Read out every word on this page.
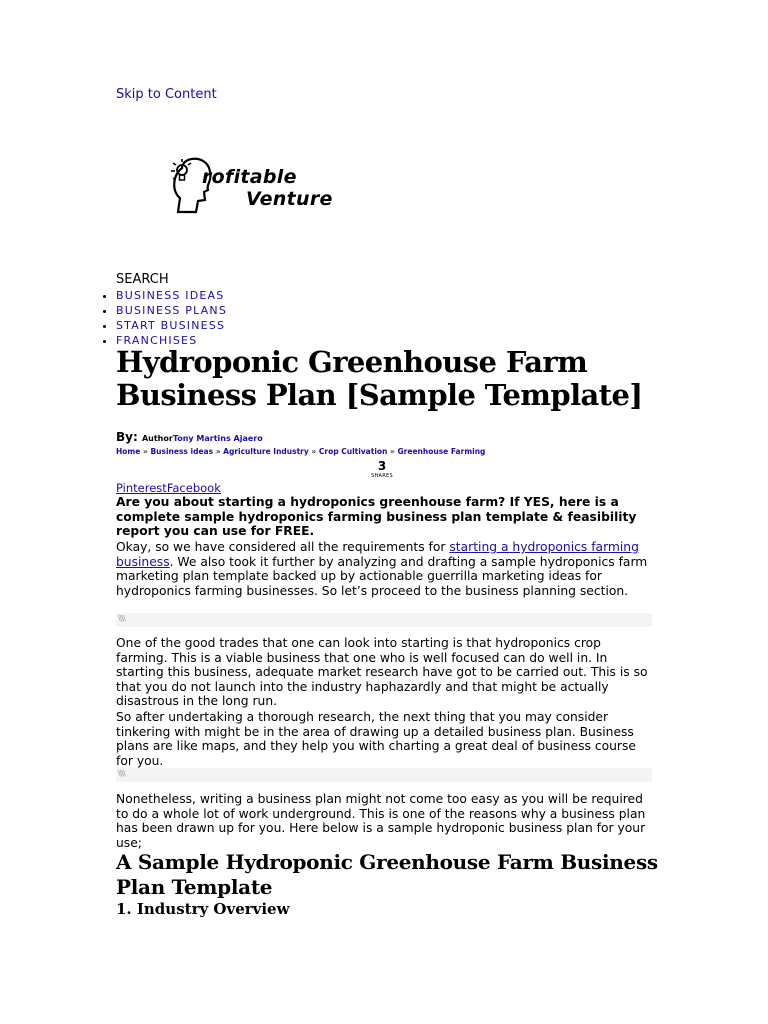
Skip to Content
rofitable
Venture
SEARCH
• BUSINESS IDEAS
• BUSINESS PLANS
• START BUSINESS
• FRANCHISES
Hydroponic Greenhouse Farm Business Plan [Sample Template]
By: AuthorTony Martins Ajaero
Home » Business ideas » Agriculture Industry » Crop Cultivation » Greenhouse Farming
3
SHARES
PinterestFacebook

Are you about starting a hydroponics greenhouse farm? If YES, here is a complete sample hydroponics farming business plan template & feasibility report you can use for FREE.

Okay, so we have considered all the requirements for starting a hydroponics farming business. We also took it further by analyzing and drafting a sample hydroponics farm marketing plan template backed up by actionable guerrilla marketing ideas for hydroponics farming businesses. So let’s proceed to the business planning section.

\\\\

One of the good trades that one can look into starting is that hydroponics crop farming. This is a viable business that one who is well focused can do well in. In starting this business, adequate market research have got to be carried out. This is so that you do not launch into the industry haphazardly and that might be actually disastrous in the long run.

So after undertaking a thorough research, the next thing that you may consider tinkering with might be in the area of drawing up a detailed business plan. Business plans are like maps, and they help you with charting a great deal of business course for you.

\\\\

Nonetheless, writing a business plan might not come too easy as you will be required to do a whole lot of work underground. This is one of the reasons why a business plan has been drawn up for you. Here below is a sample hydroponic business plan for your use;

A Sample Hydroponic Greenhouse Farm Business Plan Template
1. Industry Overview
